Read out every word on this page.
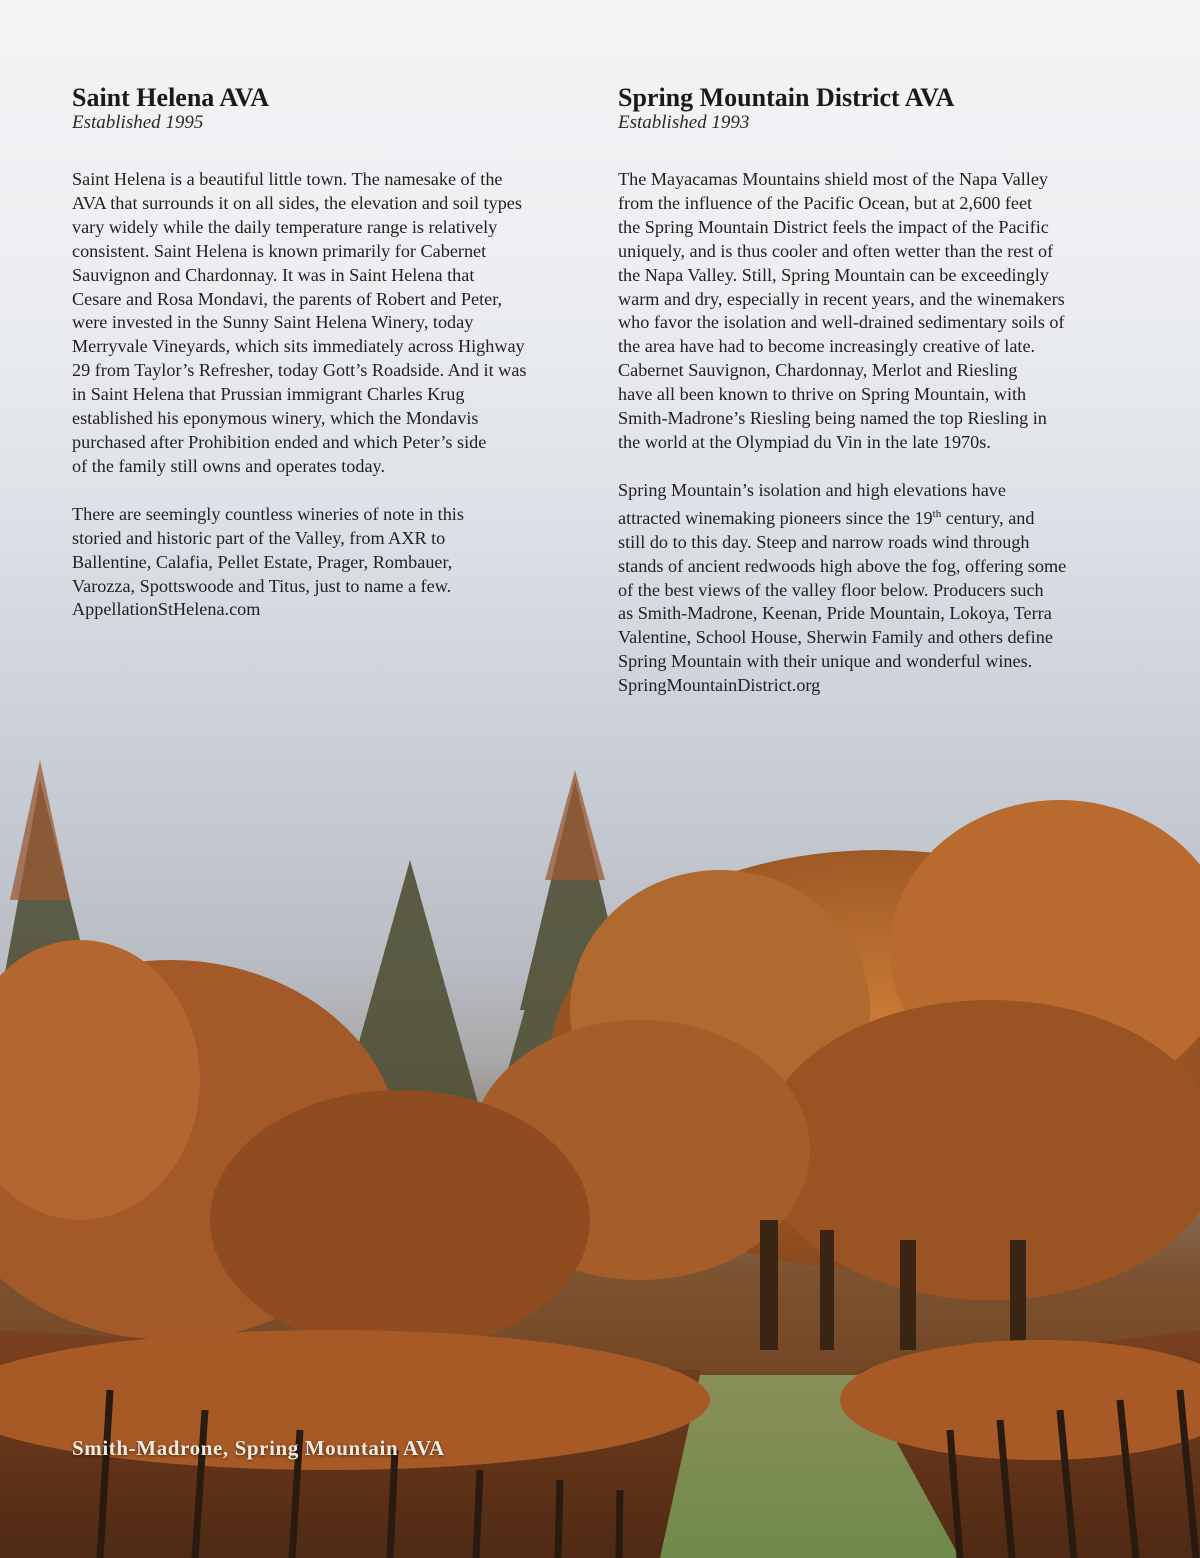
Saint Helena AVA

Established 1995

Saint Helena is a beautiful little town. The namesake of the
AVA that surrounds it on all sides, the elevation and soil types
vary widely while the daily temperature range is relatively
consistent. Saint Helena is known primarily for Cabernet
Sauvignon and Chardonnay. It was in Saint Helena that
Cesare and Rosa Mondavi, the parents of Robert and Peter,
were invested in the Sunny Saint Helena Winery, today
Merryvale Vineyards, which sits immediately across Highway
29 from Taylor’s Refresher, today Gott’s Roadside. And it was
in Saint Helena that Prussian immigrant Charles Krug
established his eponymous winery, which the Mondavis
purchased after Prohibition ended and which Peter’s side
of the family still owns and operates today.

There are seemingly countless wineries of note in this
storied and historic part of the Valley, from AXR to
Ballentine, Calafia, Pellet Estate, Prager, Rombauer,
Varozza, Spottswoode and Titus, just to name a few.
AppellationStHelena.com

Spring Mountain District AVA

Established 1993

The Mayacamas Mountains shield most of the Napa Valley
from the influence of the Pacific Ocean, but at 2,600 feet
the Spring Mountain District feels the impact of the Pacific
uniquely, and is thus cooler and often wetter than the rest of
the Napa Valley. Still, Spring Mountain can be exceedingly
warm and dry, especially in recent years, and the winemakers
who favor the isolation and well-drained sedimentary soils of
the area have had to become increasingly creative of late.
Cabernet Sauvignon, Chardonnay, Merlot and Riesling
have all been known to thrive on Spring Mountain, with
Smith-Madrone’s Riesling being named the top Riesling in
the world at the Olympiad du Vin in the late 1970s.

Spring Mountain’s isolation and high elevations have
attracted winemaking pioneers since the 19th century, and
still do to this day. Steep and narrow roads wind through
stands of ancient redwoods high above the fog, offering some
of the best views of the valley floor below. Producers such
as Smith-Madrone, Keenan, Pride Mountain, Lokoya, Terra
Valentine, School House, Sherwin Family and others define
Spring Mountain with their unique and wonderful wines.
SpringMountainDistrict.org

Smith-Madrone, Spring Mountain AVA
